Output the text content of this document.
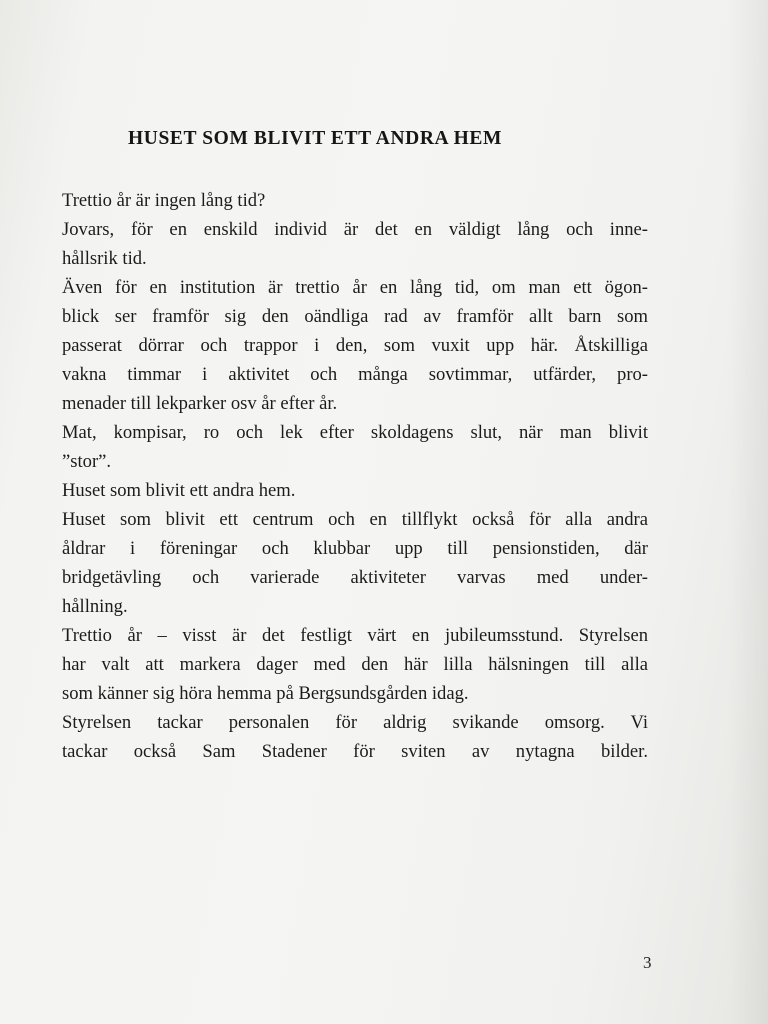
HUSET SOM BLIVIT ETT ANDRA HEM
Trettio år är ingen lång tid?
Jovars, för en enskild individ är det en väldigt lång och inne-
hållsrik tid.
Även för en institution är trettio år en lång tid, om man ett ögon-
blick ser framför sig den oändliga rad av framför allt barn som
passerat dörrar och trappor i den, som vuxit upp här. Åtskilliga
vakna timmar i aktivitet och många sovtimmar, utfärder, pro-
menader till lekparker osv år efter år.
Mat, kompisar, ro och lek efter skoldagens slut, när man blivit
”stor”.
Huset som blivit ett andra hem.
Huset som blivit ett centrum och en tillflykt också för alla andra
åldrar i föreningar och klubbar upp till pensionstiden, där
bridgetävling och varierade aktiviteter varvas med under-
hållning.
Trettio år – visst är det festligt värt en jubileumsstund. Styrelsen
har valt att markera dager med den här lilla hälsningen till alla
som känner sig höra hemma på Bergsundsgården idag.
Styrelsen tackar personalen för aldrig svikande omsorg. Vi
tackar också Sam Stadener för sviten av nytagna bilder.
3
